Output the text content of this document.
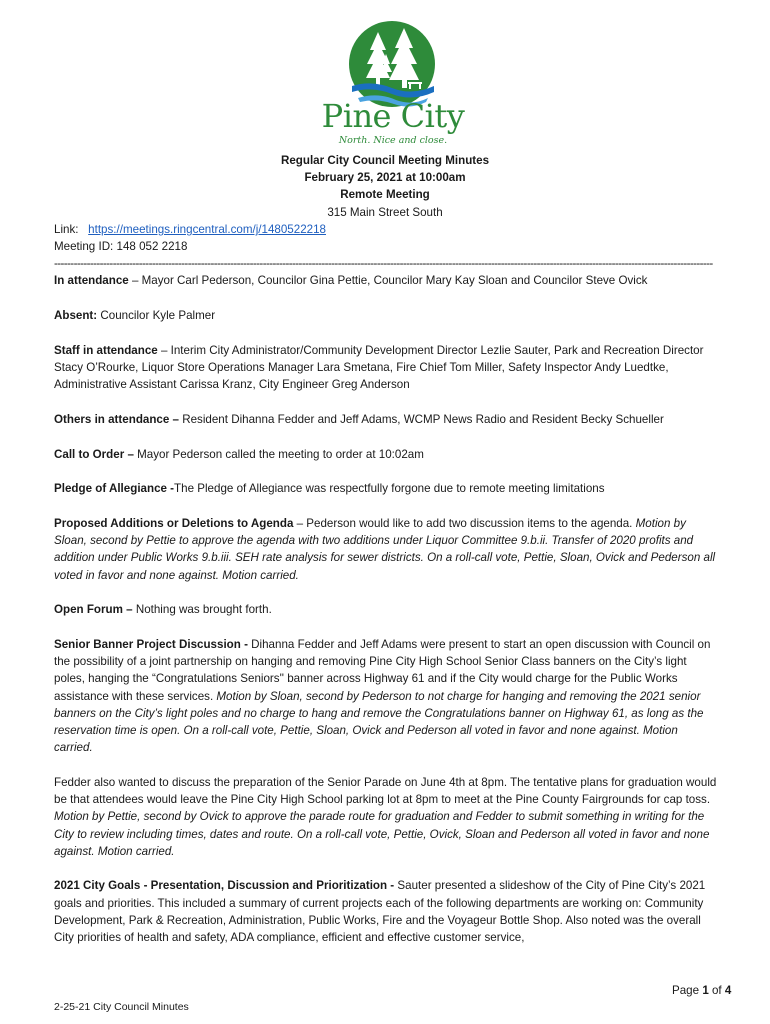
Pine City
North. Nice and close.
Regular City Council Meeting Minutes
February 25, 2021 at 10:00am
Remote Meeting
315 Main Street South

Link: https://meetings.ringcentral.com/j/1480522218

Meeting ID: 148 052 2218

----------------------------------------------------------------------------------------------------------------------------------------------------------------------------------------------------------

In attendance – Mayor Carl Pederson, Councilor Gina Pettie, Councilor Mary Kay Sloan and Councilor Steve Ovick

Absent: Councilor Kyle Palmer

Staff in attendance – Interim City Administrator/Community Development Director Lezlie Sauter, Park and Recreation Director Stacy O’Rourke, Liquor Store Operations Manager Lara Smetana, Fire Chief Tom Miller, Safety Inspector Andy Luedtke, Administrative Assistant Carissa Kranz, City Engineer Greg Anderson

Others in attendance – Resident Dihanna Fedder and Jeff Adams, WCMP News Radio and Resident Becky Schueller

Call to Order – Mayor Pederson called the meeting to order at 10:02am

Pledge of Allegiance -The Pledge of Allegiance was respectfully forgone due to remote meeting limitations

Proposed Additions or Deletions to Agenda – Pederson would like to add two discussion items to the agenda. Motion by Sloan, second by Pettie to approve the agenda with two additions under Liquor Committee 9.b.ii. Transfer of 2020 profits and addition under Public Works 9.b.iii. SEH rate analysis for sewer districts. On a roll-call vote, Pettie, Sloan, Ovick and Pederson all voted in favor and none against. Motion carried.

Open Forum – Nothing was brought forth.

Senior Banner Project Discussion - Dihanna Fedder and Jeff Adams were present to start an open discussion with Council on the possibility of a joint partnership on hanging and removing Pine City High School Senior Class banners on the City’s light poles, hanging the “Congratulations Seniors'' banner across Highway 61 and if the City would charge for the Public Works assistance with these services. Motion by Sloan, second by Pederson to not charge for hanging and removing the 2021 senior banners on the City’s light poles and no charge to hang and remove the Congratulations banner on Highway 61, as long as the reservation time is open. On a roll-call vote, Pettie, Sloan, Ovick and Pederson all voted in favor and none against. Motion carried.

Fedder also wanted to discuss the preparation of the Senior Parade on June 4th at 8pm. The tentative plans for graduation would be that attendees would leave the Pine City High School parking lot at 8pm to meet at the Pine County Fairgrounds for cap toss. Motion by Pettie, second by Ovick to approve the parade route for graduation and Fedder to submit something in writing for the City to review including times, dates and route. On a roll-call vote, Pettie, Ovick, Sloan and Pederson all voted in favor and none against. Motion carried.

2021 City Goals - Presentation, Discussion and Prioritization - Sauter presented a slideshow of the City of Pine City’s 2021 goals and priorities. This included a summary of current projects each of the following departments are working on: Community Development, Park & Recreation, Administration, Public Works, Fire and the Voyageur Bottle Shop. Also noted was the overall City priorities of health and safety, ADA compliance, efficient and effective customer service,

Page 1 of 4
2-25-21 City Council Minutes
